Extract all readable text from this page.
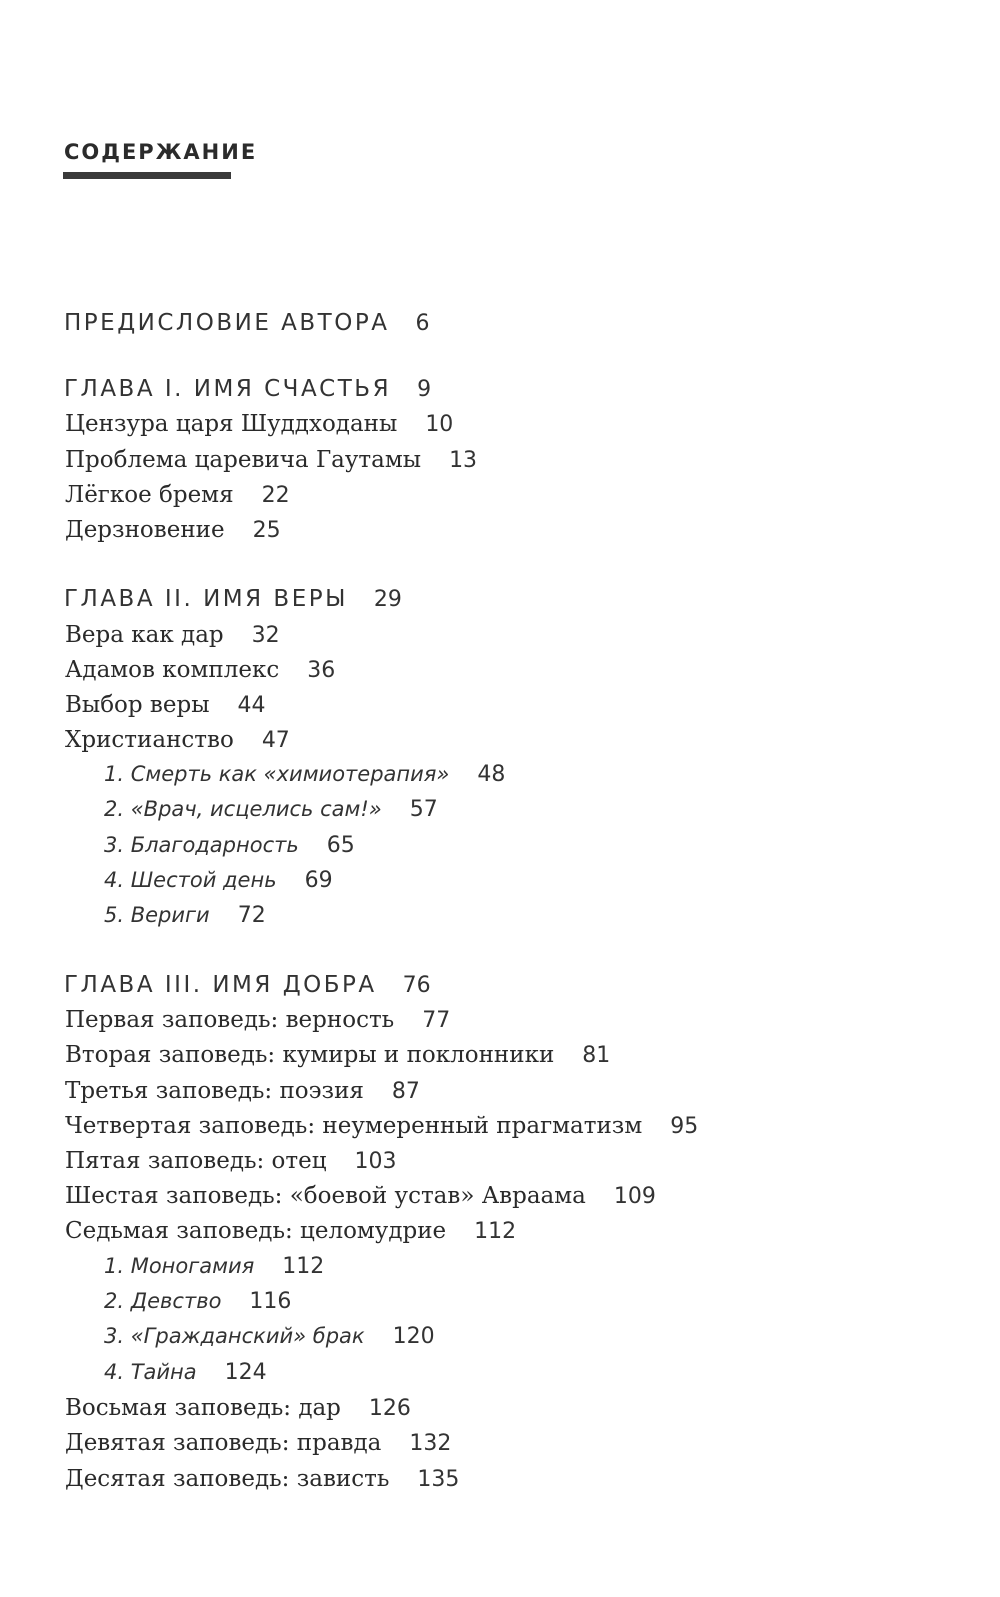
СОДЕРЖАНИЕ
ПРЕДИСЛОВИЕ АВТОРА 6
ГЛАВА I. ИМЯ СЧАСТЬЯ 9
Цензура царя Шуддходаны 10
Проблема царевича Гаутамы 13
Лёгкое бремя 22
Дерзновение 25
ГЛАВА II. ИМЯ ВЕРЫ 29
Вера как дар 32
Адамов комплекс 36
Выбор веры 44
Христианство 47
1. Смерть как «химиотерапия» 48
2. «Врач, исцелись сам!» 57
3. Благодарность 65
4. Шестой день 69
5. Вериги 72
ГЛАВА III. ИМЯ ДОБРА 76
Первая заповедь: верность 77
Вторая заповедь: кумиры и поклонники 81
Третья заповедь: поэзия 87
Четвертая заповедь: неумеренный прагматизм 95
Пятая заповедь: отец 103
Шестая заповедь: «боевой устав» Авраама 109
Седьмая заповедь: целомудрие 112
1. Моногамия 112
2. Девство 116
3. «Гражданский» брак 120
4. Тайна 124
Восьмая заповедь: дар 126
Девятая заповедь: правда 132
Десятая заповедь: зависть 135
